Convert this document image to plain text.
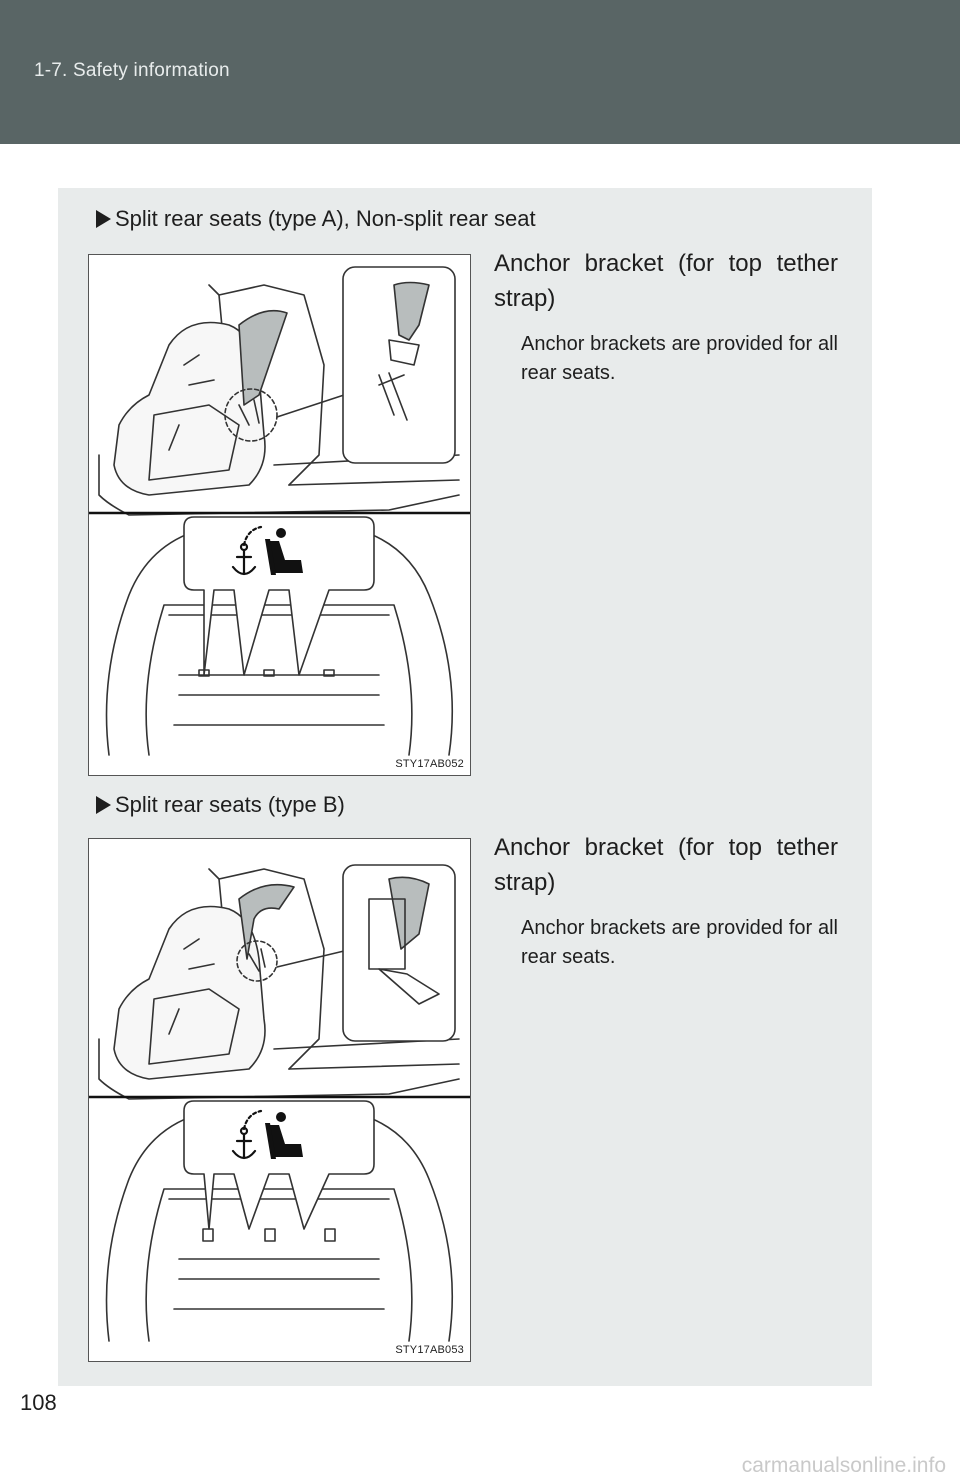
1-7. Safety information
Split rear seats (type A), Non-split rear seat
STY17AB052
Anchor bracket (for top tether strap)
Anchor brackets are provided for all rear seats.
Split rear seats (type B)
STY17AB053
Anchor bracket (for top tether strap)
Anchor brackets are provided for all rear seats.
108
carmanualsonline.info
